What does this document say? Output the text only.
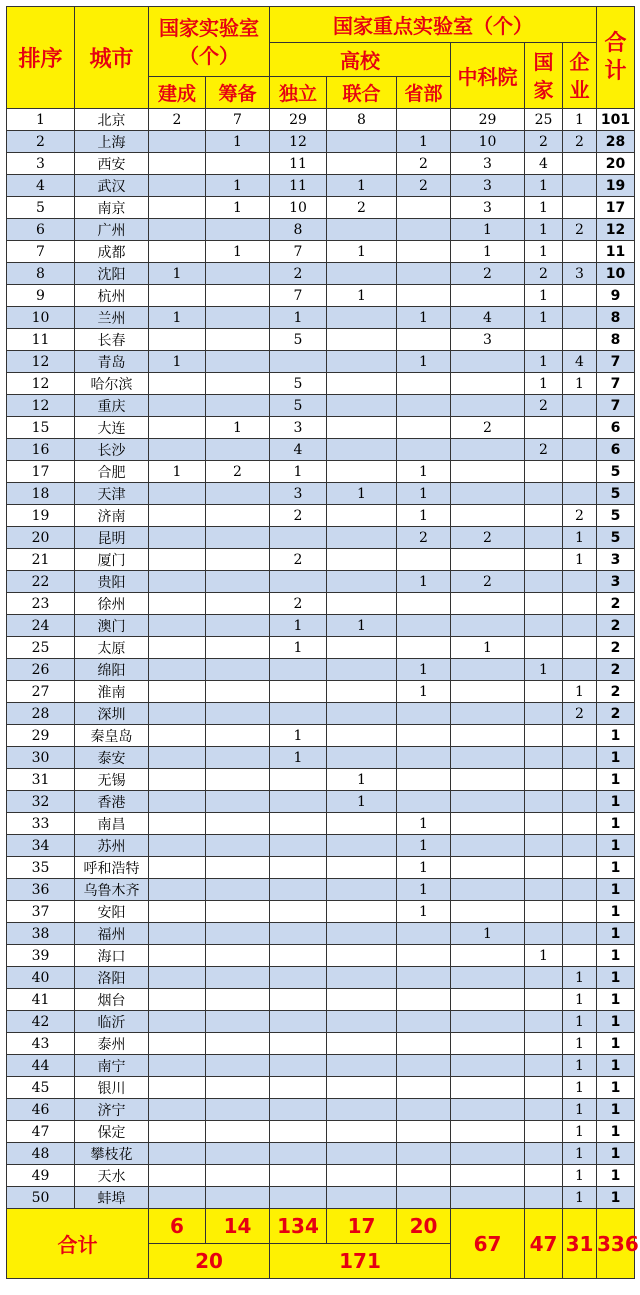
排序	城市	国家实验室（个）		国家重点实验室（个）						合计
				高校			中科院	国家	企业	
		建成	筹备	独立	联合	省部				
1	北京	2	7	29	8		29	25	1	101
2	上海		1	12		1	10	2	2	28
3	西安			11		2	3	4		20
4	武汉		1	11	1	2	3	1		19
5	南京		1	10	2		3	1		17
6	广州			8			1	1	2	12
7	成都		1	7	1		1	1		11
8	沈阳	1		2			2	2	3	10
9	杭州			7	1			1		9
10	兰州	1		1		1	4	1		8
11	长春			5			3			8
12	青岛	1				1		1	4	7
12	哈尔滨			5				1	1	7
12	重庆			5				2		7
15	大连		1	3			2			6
16	长沙			4				2		6
17	合肥	1	2	1		1				5
18	天津			3	1	1				5
19	济南			2		1			2	5
20	昆明					2	2		1	5
21	厦门			2					1	3
22	贵阳					1	2			3
23	徐州			2						2
24	澳门			1	1					2
25	太原			1			1			2
26	绵阳					1		1		2
27	淮南					1			1	2
28	深圳								2	2
29	秦皇岛			1						1
30	泰安			1						1
31	无锡				1					1
32	香港				1					1
33	南昌					1				1
34	苏州					1				1
35	呼和浩特					1				1
36	乌鲁木齐					1				1
37	安阳					1				1
38	福州						1			1
39	海口							1		1
40	洛阳								1	1
41	烟台								1	1
42	临沂								1	1
43	泰州								1	1
44	南宁								1	1
45	银川								1	1
46	济宁								1	1
47	保定								1	1
48	攀枝花								1	1
49	天水								1	1
50	蚌埠								1	1
合计		6	14	134	17	20	67	47	31	336
		20		171						
